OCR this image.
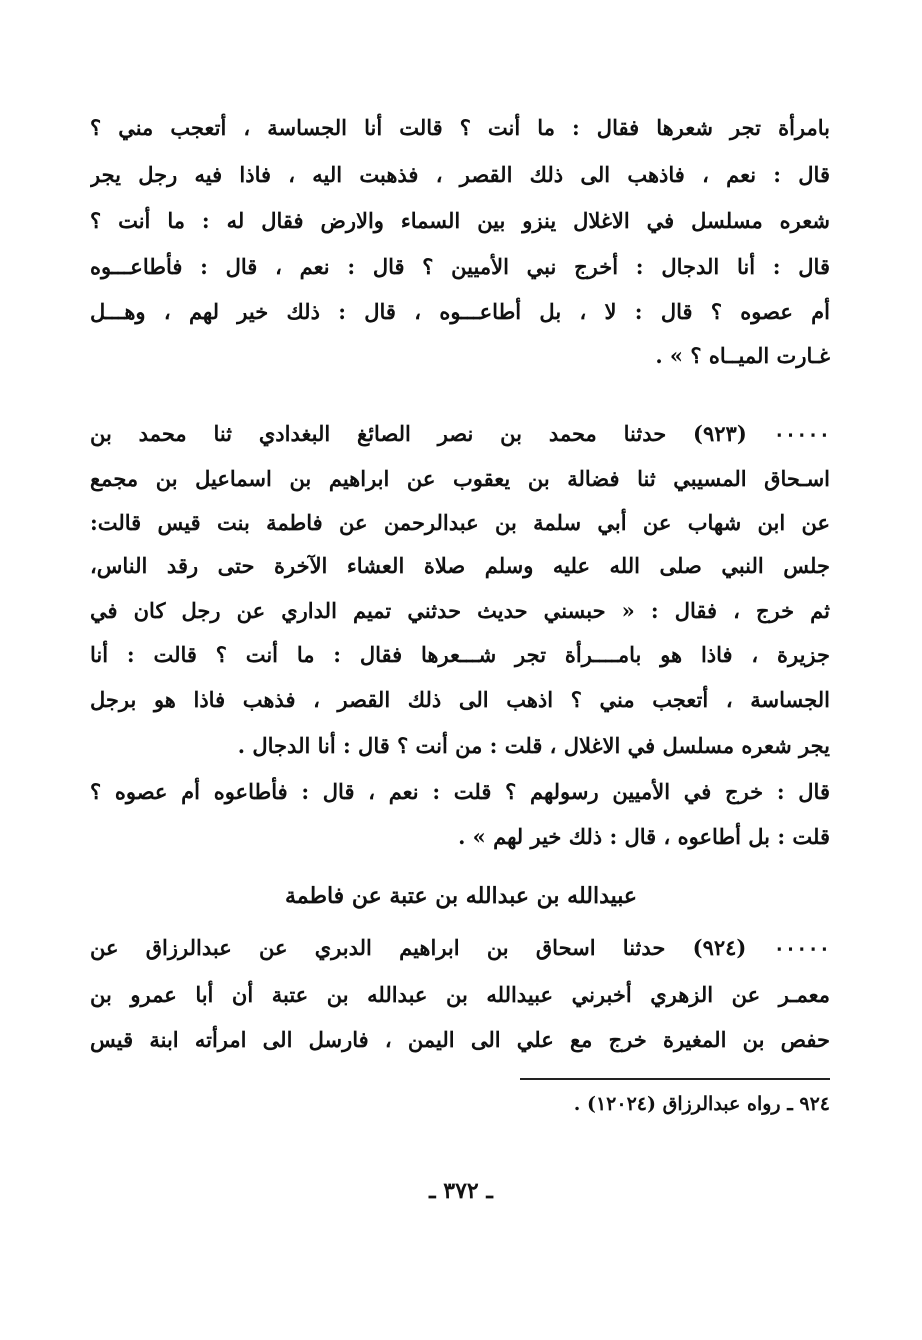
بامرأة تجر شعرها فقال : ما أنت ؟ قالت أنا الجساسة ، أتعجب مني ؟
قال : نعم ، فاذهب الى ذلك القصر ، فذهبت اليه ، فاذا فيه رجل يجر
شعره مسلسل في الاغلال ينزو بين السماء والارض فقال له : ما أنت ؟
قال : أنا الدجال : أخرج نبي الأميين ؟ قال : نعم ، قال : فأطاعـــوه
أم عصوه ؟ قال : لا ، بل أطاعـــوه ، قال : ذلك خير لهم ، وهـــل
غـارت الميــاه ؟ » .
٠٠٠٠٠ (٩٢٣) حدثنا محمد بن نصر الصائغ البغدادي ثنا محمد بن
اسـحاق المسيبي ثنا فضالة بن يعقوب عن ابراهيم بن اسماعيل بن مجمع
عن ابن شهاب عن أبي سلمة بن عبدالرحمن عن فاطمة بنت قيس قالت:
جلس النبي صلى الله عليه وسلم صلاة العشاء الآخرة حتى رقد الناس،
ثم خرج ، فقال : « حبسني حديث حدثني تميم الداري عن رجل كان في
جزيرة ، فاذا هو بامــــرأة تجر شـــعرها فقال : ما أنت ؟ قالت : أنا
الجساسة ، أتعجب مني ؟ اذهب الى ذلك القصر ، فذهب فاذا هو برجل
يجر شعره مسلسل في الاغلال ، قلت : من أنت ؟ قال : أنا الدجال .
قال : خرج في الأميين رسولهم ؟ قلت : نعم ، قال : فأطاعوه أم عصوه ؟
قلت : بل أطاعوه ، قال : ذلك خير لهم » .
عبيدالله بن عبدالله بن عتبة عن فاطمة
٠٠٠٠٠ (٩٢٤) حدثنا اسحاق بن ابراهيم الدبري عن عبدالرزاق عن
معمـر عن الزهري أخبرني عبيدالله بن عبدالله بن عتبة أن أبا عمرو بن
حفص بن المغيرة خرج مع علي الى اليمن ، فارسل الى امرأته ابنة قيس
٩٢٤ ـ رواه عبدالرزاق (١٢٠٢٤) .
ـ ٣٧٢ ـ
